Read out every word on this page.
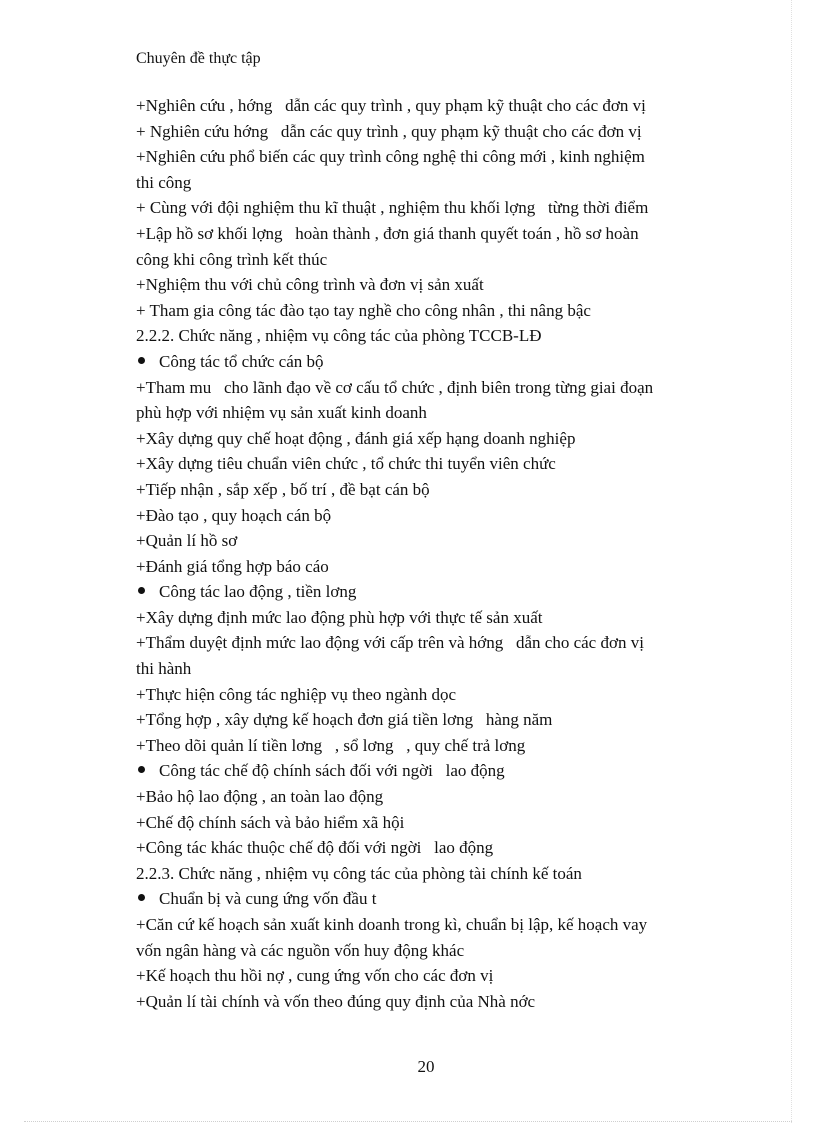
Chuyên đề thực tập
+Nghiên cứu , hớng   dẫn các quy trình , quy phạm kỹ thuật cho các đơn vị
+ Nghiên cứu hớng   dẫn các quy trình , quy phạm kỹ thuật cho các đơn vị
+Nghiên cứu phổ biến các quy trình công nghệ thi công mới , kinh nghiệm
thi công
+ Cùng với đội nghiệm thu kĩ thuật , nghiệm thu khối lợng   từng thời điểm
+Lập hồ sơ khối lợng   hoàn thành , đơn giá thanh quyết toán , hồ sơ hoàn
công khi công trình kết thúc
+Nghiệm thu với chủ công trình và đơn vị sản xuất
+ Tham gia công tác đào tạo tay nghề cho công nhân , thi nâng bậc
2.2.2. Chức năng , nhiệm vụ công tác của phòng TCCB-LĐ
Công tác tổ chức cán bộ
+Tham mu   cho lãnh đạo về cơ cấu tổ chức , định biên trong từng giai đoạn
phù hợp với nhiệm vụ sản xuất kinh doanh
+Xây dựng quy chế hoạt động , đánh giá xếp hạng doanh nghiệp
+Xây dựng tiêu chuẩn viên chức , tổ chức thi tuyển viên chức
+Tiếp nhận , sắp xếp , bố trí , đề bạt cán bộ
+Đào tạo , quy hoạch cán bộ
+Quản lí hồ sơ
+Đánh giá tổng hợp báo cáo
Công tác lao động , tiền lơng
+Xây dựng định mức lao động phù hợp với thực tế sản xuất
+Thẩm duyệt định mức lao động với cấp trên và hớng   dẫn cho các đơn vị
thi hành
+Thực hiện công tác nghiệp vụ theo ngành dọc
+Tổng hợp , xây dựng kế hoạch đơn giá tiền lơng   hàng năm
+Theo dõi quản lí tiền lơng   , sổ lơng   , quy chế trả lơng
Công tác chế độ chính sách đối với ngời   lao động
+Bảo hộ lao động , an toàn lao động
+Chế độ chính sách và bảo hiểm xã hội
+Công tác khác thuộc chế độ đối với ngời   lao động
2.2.3. Chức năng , nhiệm vụ công tác của phòng tài chính kế toán
Chuẩn bị và cung ứng vốn đầu t
+Căn cứ kế hoạch sản xuất kinh doanh trong kì, chuẩn bị lập, kế hoạch vay
vốn ngân hàng và các nguồn vốn huy động khác
+Kế hoạch thu hồi nợ , cung ứng vốn cho các đơn vị
+Quản lí tài chính và vốn theo đúng quy định của Nhà nớc
20
